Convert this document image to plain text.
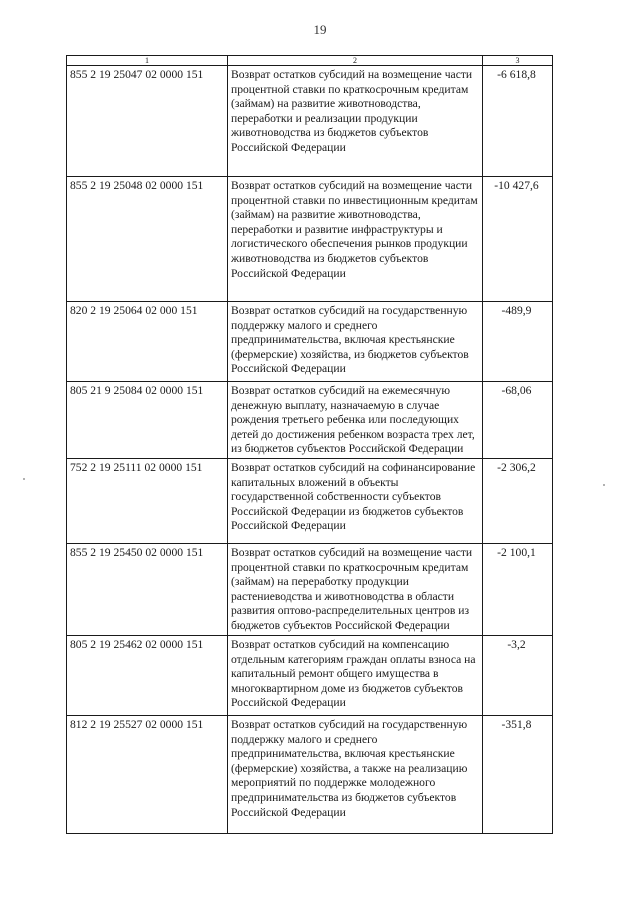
19
1	2	3
855 2 19 25047 02 0000 151	Возврат остатков субсидий на возмещение части процентной ставки по краткосрочным кредитам (займам) на развитие животноводства, переработки и реализации продукции животноводства из бюджетов субъектов Российской Федерации	-6 618,8
855 2 19 25048 02 0000 151	Возврат остатков субсидий на возмещение части процентной ставки по инвестиционным кредитам (займам) на развитие животноводства, переработки и развитие инфраструктуры и логистического обеспечения рынков продукции животноводства из бюджетов субъектов Российской Федерации	-10 427,6
820 2 19 25064 02 000 151	Возврат остатков субсидий на государственную поддержку малого и среднего предпринимательства, включая крестьянские (фермерские) хозяйства, из бюджетов субъектов Российской Федерации	-489,9
805 21 9 25084 02 0000 151	Возврат остатков субсидий на ежемесячную денежную выплату, назначаемую в случае рождения третьего ребенка или последующих детей до достижения ребенком возраста трех лет, из бюджетов субъектов Российской Федерации	-68,06
752 2 19 25111 02 0000 151	Возврат остатков субсидий на софинансирование капитальных вложений в объекты государственной собственности субъектов Российской Федерации из бюджетов субъектов Российской Федерации	-2 306,2
855 2 19 25450 02 0000 151	Возврат остатков субсидий на возмещение части процентной ставки по краткосрочным кредитам (займам) на переработку продукции растениеводства и животноводства в области развития оптово-распределительных центров из бюджетов субъектов Российской Федерации	-2 100,1
805 2 19 25462 02 0000 151	Возврат остатков субсидий на компенсацию отдельным категориям граждан оплаты взноса на капитальный ремонт общего имущества в многоквартирном доме из бюджетов субъектов Российской Федерации	-3,2
812 2 19 25527 02 0000 151	Возврат остатков субсидий на государственную поддержку малого и среднего предпринимательства, включая крестьянские (фермерские) хозяйства, а также на реализацию мероприятий по поддержке молодежного предпринимательства из бюджетов субъектов Российской Федерации	-351,8
